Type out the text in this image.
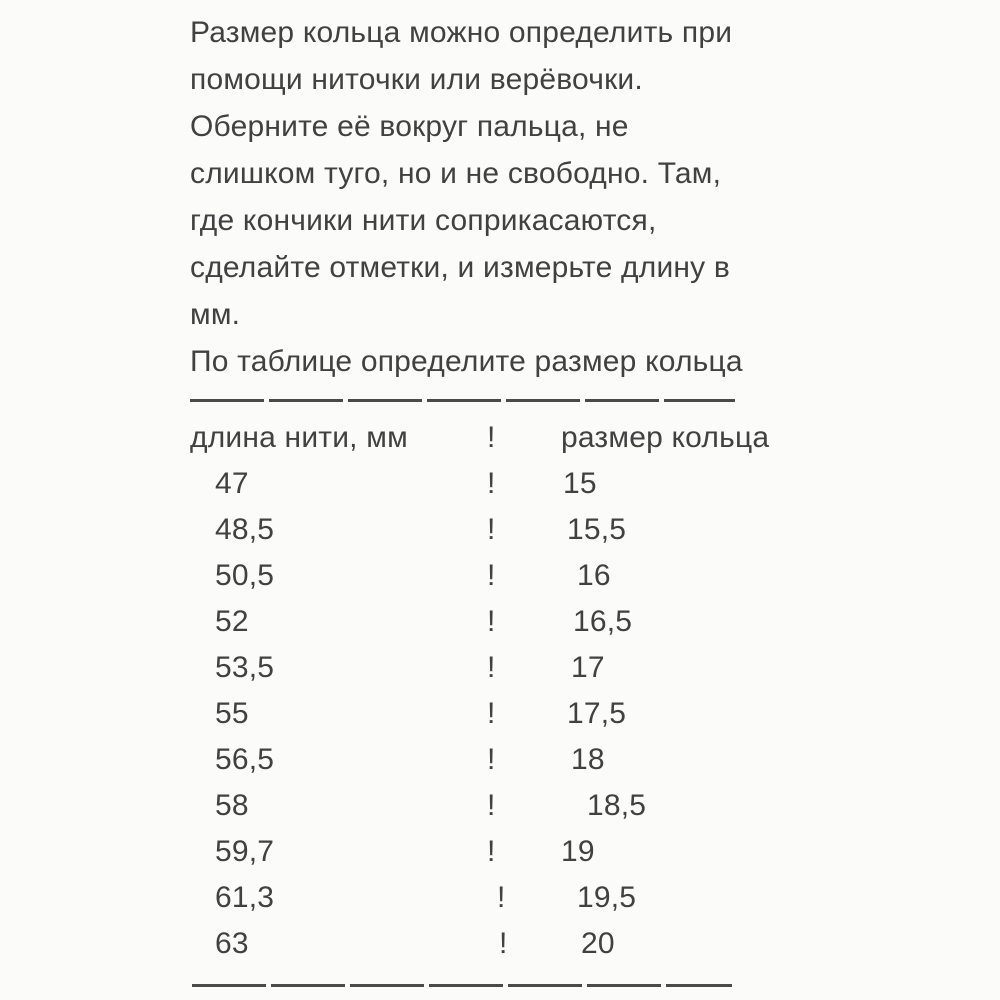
Размер кольца можно определить при
помощи ниточки или верёвочки.
Оберните её вокруг пальца, не
слишком туго, но и не свободно. Там,
где кончики нити соприкасаются,
сделайте отметки, и измерьте длину в
мм.
По таблице определите размер кольца
длина нити, мм	!	размер кольца
47	!	15
48,5	!	15,5
50,5	!	16
52	!	16,5
53,5	!	17
55	!	17,5
56,5	!	18
58	!	18,5
59,7	!	19
61,3	!	19,5
63	!	20
